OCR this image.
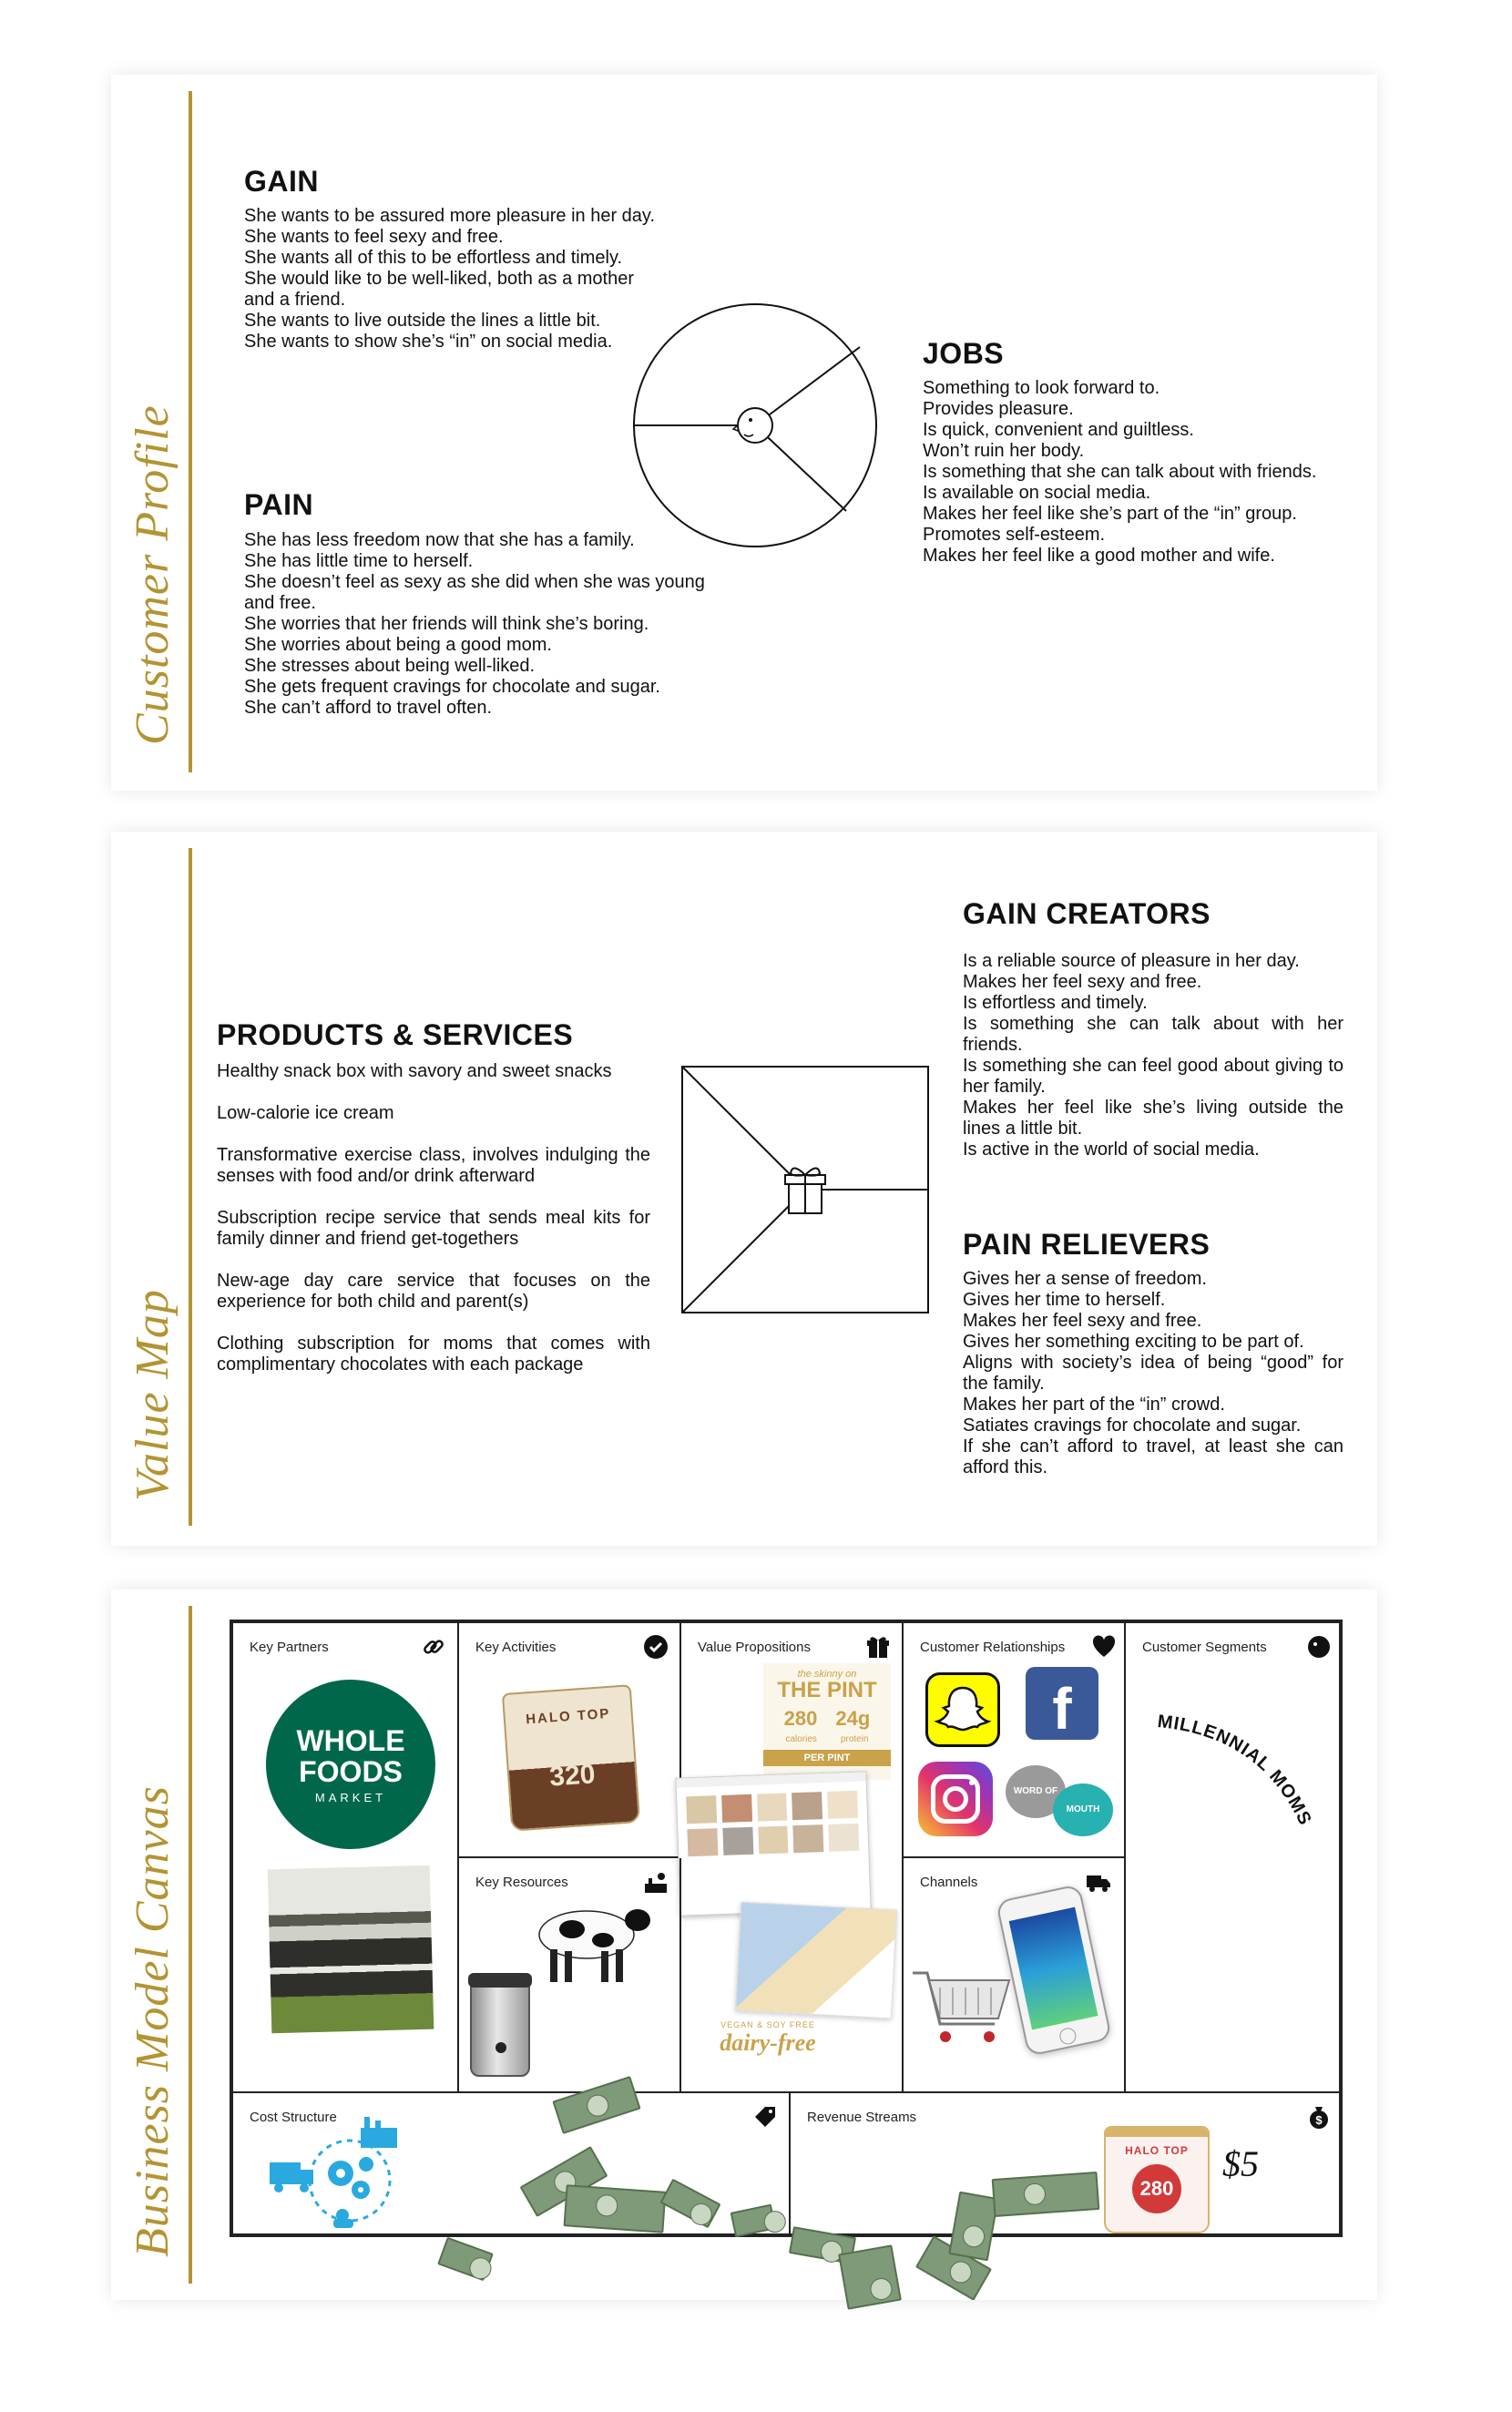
Customer Profile
GAIN
She wants to be assured more pleasure in her day.
She wants to feel sexy and free.
She wants all of this to be effortless and timely.
She would like to be well-liked, both as a mother
and a friend.
She wants to live outside the lines a little bit.
She wants to show she’s “in” on social media.
PAIN
She has less freedom now that she has a family.
She has little time to herself.
She doesn’t feel as sexy as she did when she was young
and free.
She worries that her friends will think she’s boring.
She worries about being a good mom.
She stresses about being well-liked.
She gets frequent cravings for chocolate and sugar.
She can’t afford to travel often.
JOBS
Something to look forward to.
Provides pleasure.
Is quick, convenient and guiltless.
Won’t ruin her body.
Is something that she can talk about with friends.
Is available on social media.
Makes her feel like she’s part of the “in” group.
Promotes self-esteem.
Makes her feel like a good mother and wife.
Value Map
PRODUCTS & SERVICES
Healthy snack box with savory and sweet snacks
Low-calorie ice cream
Transformative exercise class, involves indulging the senses with food and/or drink afterward
Subscription recipe service that sends meal kits for family dinner and friend get-togethers
New-age day care service that focuses on the experience for both child and parent(s)
Clothing subscription for moms that comes with complimentary chocolates with each package
GAIN CREATORS
Is a reliable source of pleasure in her day.
Makes her feel sexy and free.
Is effortless and timely.
Is something she can talk about with her friends.
Is something she can feel good about giving to her family.
Makes her feel like she’s living outside the lines a little bit.
Is active in the world of social media.
PAIN RELIEVERS
Gives her a sense of freedom.
Gives her time to herself.
Makes her feel sexy and free.
Gives her something exciting to be part of.
Aligns with society’s idea of being “good” for the family.
Makes her part of the “in” crowd.
Satiates cravings for chocolate and sugar.
If she can’t afford to travel, at least she can afford this.
Business Model Canvas
Key Partners
WHOLE
FOODS
MARKET
Key Activities
HALO TOP
320
Value Propositions
the skinny on
THE PINT
280 24g
calories	protein
PER PINT
VEGAN & SOY FREE
dairy-free
Customer Relationships
f
WORD OF
MOUTH
Customer Segments
MILLENNIAL MOMS
Key Resources	Channels
Cost Structure	Revenue Streams	$
HALO TOP
280
$5
